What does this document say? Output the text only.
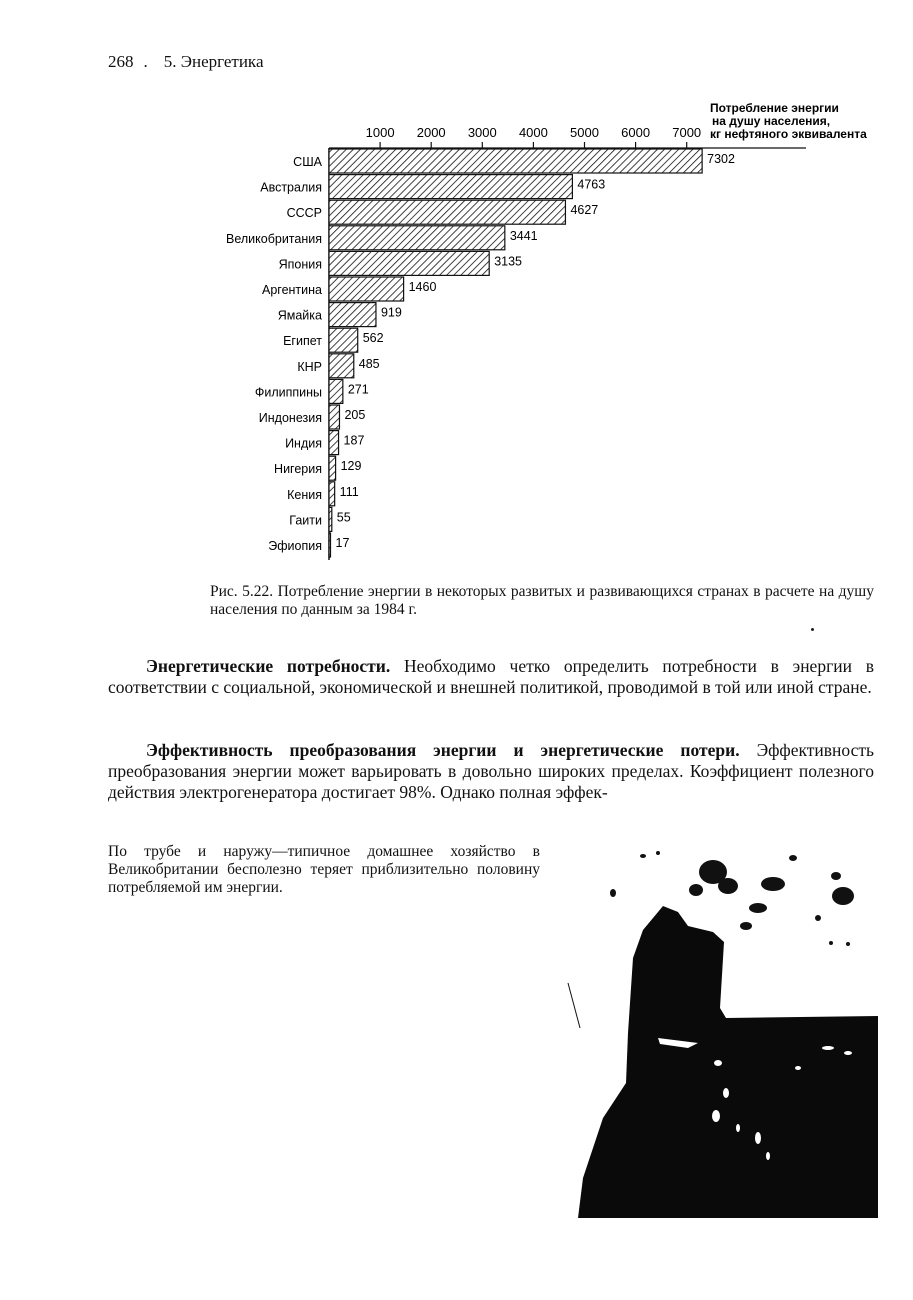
268 . 5. Энергетика
Потребление энергии
на душу населения,
кг нефтяного эквивалента
1000 2000 3000 4000 5000 6000 7000
США	7302
Австралия	4763
СССР	4627
Великобритания	3441
Япония	3135
Аргентина	1460
Ямайка	919
Египет	562
КНР	485
Филиппины 271
Индонезия 205
Индия 187
Нигерия 129
Кения 111
Гаити 55
Эфиопия 17
Рис. 5.22. Потребление энергии в некоторых развитых и развивающихся странах в расчете на душу населения по данным за 1984 г.
Энергетические потребности. Необходимо четко определить потребности в энергии в соответствии с социальной, экономической и внешней политикой, проводимой в той или иной стране.
Эффективность преобразования энергии и энергетические потери. Эффективность преобразования энергии может варьировать в довольно широких пределах. Коэффициент полезного действия электрогенератора достигает 98%. Однако полная эффек-
По трубе и наружу—типичное домашнее хозяйство в Великобритании бесполезно теряет приблизительно половину потребляемой им энергии.
